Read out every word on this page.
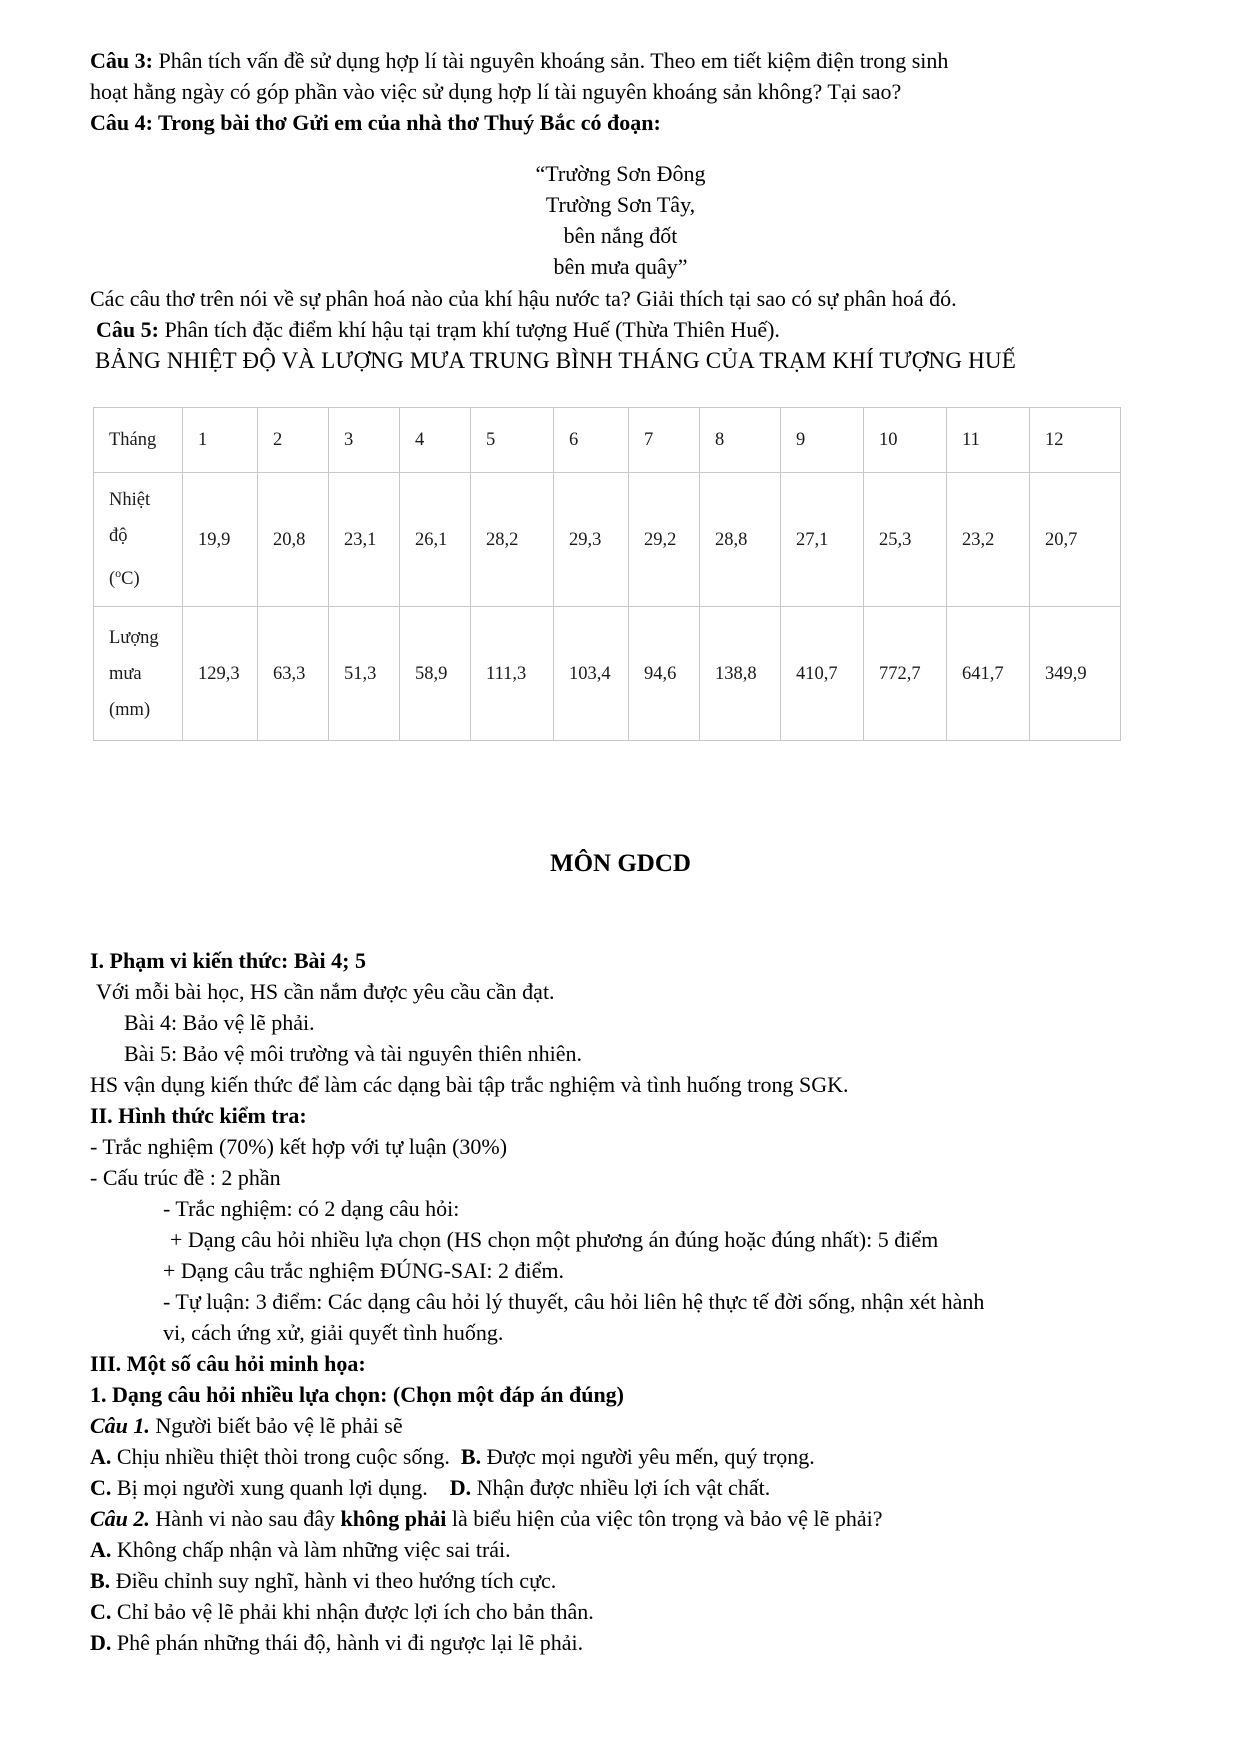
Câu 3: Phân tích vấn đề sử dụng hợp lí tài nguyên khoáng sản. Theo em tiết kiệm điện trong sinh
hoạt hằng ngày có góp phần vào việc sử dụng hợp lí tài nguyên khoáng sản không? Tại sao?
Câu 4: Trong bài thơ Gửi em của nhà thơ Thuý Bắc có đoạn:
“Trường Sơn Đông
Trường Sơn Tây,
bên nắng đốt
bên mưa quây”
Các câu thơ trên nói về sự phân hoá nào của khí hậu nước ta? Giải thích tại sao có sự phân hoá đó.
Câu 5: Phân tích đặc điểm khí hậu tại trạm khí tượng Huế (Thừa Thiên Huế).
BẢNG NHIỆT ĐỘ VÀ LƯỢNG MƯA TRUNG BÌNH THÁNG CỦA TRẠM KHÍ TƯỢNG HUẾ
Tháng	1	2	3	4	5	6	7	8	9	10	11	12
Nhiệt
độ
($^o$C)	19,9	20,8	23,1	26,1	28,2	29,3	29,2	28,8	27,1	25,3	23,2	20,7
Lượng
mưa
(mm)	129,3	63,3	51,3	58,9	111,3	103,4	94,6	138,8	410,7	772,7	641,7	349,9
MÔN GDCD
I. Phạm vi kiến thức: Bài 4; 5
Với mỗi bài học, HS cần nắm được yêu cầu cần đạt.
Bài 4: Bảo vệ lẽ phải.
Bài 5: Bảo vệ môi trường và tài nguyên thiên nhiên.
HS vận dụng kiến thức để làm các dạng bài tập trắc nghiệm và tình huống trong SGK.
II. Hình thức kiểm tra:
- Trắc nghiệm (70%) kết hợp với tự luận (30%)
- Cấu trúc đề : 2 phần
- Trắc nghiệm: có 2 dạng câu hỏi:
+ Dạng câu hỏi nhiều lựa chọn (HS chọn một phương án đúng hoặc đúng nhất): 5 điểm
+ Dạng câu trắc nghiệm ĐÚNG-SAI: 2 điểm.
- Tự luận: 3 điểm: Các dạng câu hỏi lý thuyết, câu hỏi liên hệ thực tế đời sống, nhận xét hành
vi, cách ứng xử, giải quyết tình huống.
III. Một số câu hỏi minh họa:
1. Dạng câu hỏi nhiều lựa chọn: (Chọn một đáp án đúng)
Câu 1. Người biết bảo vệ lẽ phải sẽ
A. Chịu nhiều thiệt thòi trong cuộc sống. B. Được mọi người yêu mến, quý trọng.
C. Bị mọi người xung quanh lợi dụng. D. Nhận được nhiều lợi ích vật chất.
Câu 2. Hành vi nào sau đây không phải là biểu hiện của việc tôn trọng và bảo vệ lẽ phải?
A. Không chấp nhận và làm những việc sai trái.
B. Điều chỉnh suy nghĩ, hành vi theo hướng tích cực.
C. Chỉ bảo vệ lẽ phải khi nhận được lợi ích cho bản thân.
D. Phê phán những thái độ, hành vi đi ngược lại lẽ phải.
